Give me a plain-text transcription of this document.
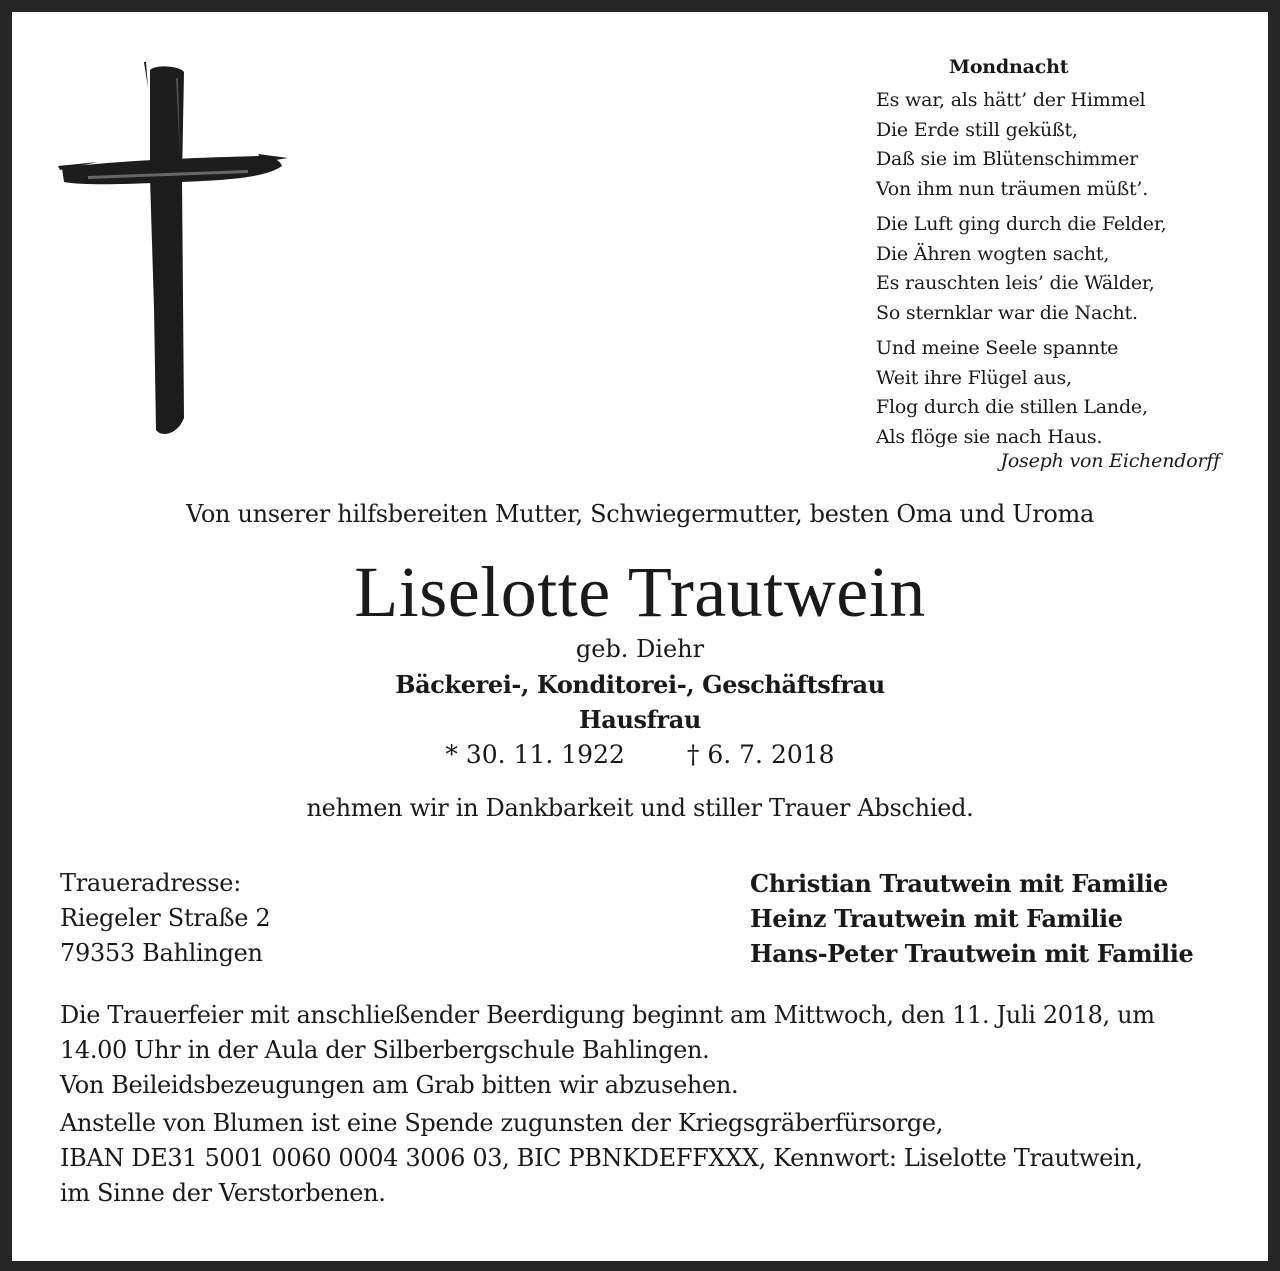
Mondnacht
Es war, als hätt’ der Himmel
Die Erde still geküßt,
Daß sie im Blütenschimmer
Von ihm nun träumen müßt’.
Die Luft ging durch die Felder,
Die Ähren wogten sacht,
Es rauschten leis’ die Wälder,
So sternklar war die Nacht.
Und meine Seele spannte
Weit ihre Flügel aus,
Flog durch die stillen Lande,
Als flöge sie nach Haus.
Joseph von Eichendorff
Von unserer hilfsbereiten Mutter, Schwiegermutter, besten Oma und Uroma
Liselotte Trautwein
geb. Diehr
Bäckerei-, Konditorei-, Geschäftsfrau
Hausfrau
* 30. 11. 1922 † 6. 7. 2018
nehmen wir in Dankbarkeit und stiller Trauer Abschied.
Traueradresse:
Riegeler Straße 2
79353 Bahlingen
Christian Trautwein mit Familie
Heinz Trautwein mit Familie
Hans-Peter Trautwein mit Familie
Die Trauerfeier mit anschließender Beerdigung beginnt am Mittwoch, den 11. Juli 2018, um
14.00 Uhr in der Aula der Silberbergschule Bahlingen.
Von Beileidsbezeugungen am Grab bitten wir abzusehen.
Anstelle von Blumen ist eine Spende zugunsten der Kriegsgräberfürsorge,
IBAN DE31 5001 0060 0004 3006 03, BIC PBNKDEFFXXX, Kennwort: Liselotte Trautwein,
im Sinne der Verstorbenen.
